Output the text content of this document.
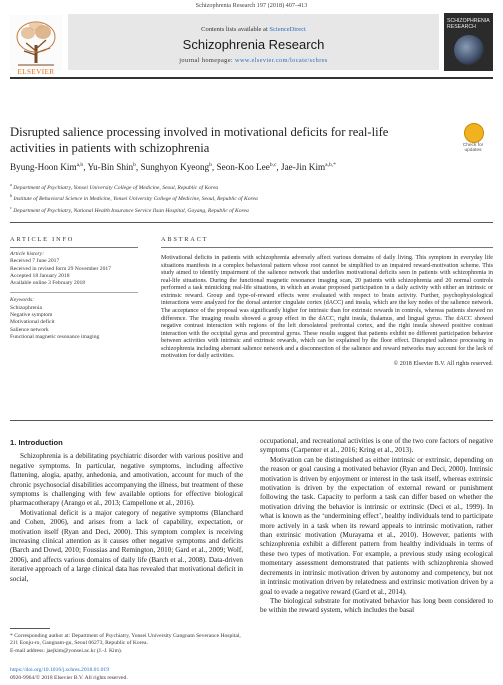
Schizophrenia Research 197 (2018) 407–413
ELSEVIER
Contents lists available at ScienceDirect
Schizophrenia Research
journal homepage: www.elsevier.com/locate/schres
SCHIZOPHRENIA RESEARCH
Disrupted salience processing involved in motivational deficits for real-life activities in patients with schizophrenia	Check for
updates
Byung-Hoon Kim$^{a,b}$, Yu-Bin Shin$^b$, Sunghyon Kyeong$^b$, Seon-Koo Lee$^{b,c}$, Jae-Jin Kim$^{a,b,*}$
$^a$ Department of Psychiatry, Yonsei University College of Medicine, Seoul, Republic of Korea
$^b$ Institute of Behavioral Science in Medicine, Yonsei University College of Medicine, Seoul, Republic of Korea
$^c$ Department of Psychiatry, National Health Insurance Service Ilsan Hospital, Goyang, Republic of Korea
ARTICLE INFO
Article history:
Received 7 June 2017
Received in revised form 29 November 2017
Accepted 18 January 2018
Available online 3 February 2018
Keywords:
Schizophrenia
Negative symptom
Motivational deficit
Salience network
Functional magnetic resonance imaging
ABSTRACT
Motivational deficits in patients with schizophrenia adversely affect various domains of daily living. This symptom in everyday life situations manifests in a complex behavioral pattern whose root cannot be simplified to an impaired reward-motivation scheme. This study aimed to identify impairment of the salience network that underlies motivational deficits seen in patients with schizophrenia in real-life situations. During the functional magnetic resonance imaging scan, 20 patients with schizophrenia and 20 normal controls performed a task mimicking real-life situations, in which an avatar proposed participation in a daily activity with either an intrinsic or extrinsic reward. Group and type-of-reward effects were evaluated with respect to brain activity. Further, psychophysiological interactions were analyzed for the dorsal anterior cingulate cortex (dACC) and insula, which are the key nodes of the salience network. The acceptance of the proposal was significantly higher for intrinsic than for extrinsic rewards in controls, whereas patients showed no difference. The imaging results showed a group effect in the dACC, right insula, thalamus, and lingual gyrus. The dACC showed negative contrast interaction with regions of the left dorsolateral prefrontal cortex, and the right insula showed positive contrast interaction with the occipital gyrus and precentral gyrus. These results suggest that patients exhibit no different participation behavior between activities with intrinsic and extrinsic rewards, which can be explained by the floor effect. Disrupted salience processing in schizophrenia including aberrant salience network and a disconnection of the salience and reward networks may account for the lack of motivation for daily activities.
© 2018 Elsevier B.V. All rights reserved.
1. Introduction

Schizophrenia is a debilitating psychiatric disorder with various positive and negative symptoms. In particular, negative symptoms, including affective flattening, alogia, apathy, anhedonia, and amotivation, account for much of the chronic psychosocial disabilities accompanying the illness, but treatment of these symptoms is challenging with few available options for effective biological pharmacotherapy (Arango et al., 2013; Campellone et al., 2016).

Motivational deficit is a major category of negative symptoms (Blanchard and Cohen, 2006), and arises from a lack of capability, expectation, or motivation itself (Ryan and Deci, 2000). This symptom complex is receiving increasing clinical attention as it causes other negative symptoms and deficits (Barch and Dowd, 2010; Foussias and Remington, 2010; Gard et al., 2009; Wolf, 2006), and affects various domains of daily life (Barch et al., 2008). Data-driven iterative approach of a large clinical data has revealed that motivational deficit in social,

occupational, and recreational activities is one of the two core factors of negative symptoms (Carpenter et al., 2016; Kring et al., 2013).

Motivation can be distinguished as either intrinsic or extrinsic, depending on the reason or goal causing a motivated behavior (Ryan and Deci, 2000). Intrinsic motivation is driven by enjoyment or interest in the task itself, whereas extrinsic motivation is driven by the expectation of external reward or punishment following the task. Capacity to perform a task can differ based on whether the motivation driving the behavior is intrinsic or extrinsic (Deci et al., 1999). In what is known as the ‘undermining effect’, healthy individuals tend to participate more actively in a task when its reward appeals to intrinsic motivation, rather than extrinsic motivation (Murayama et al., 2010). However, patients with schizophrenia exhibit a different pattern from healthy individuals in terms of these two types of motivation. For example, a previous study using ecological momentary assessment demonstrated that patients with schizophrenia showed decrements in intrinsic motivation driven by autonomy and competency, but not in intrinsic motivation driven by relatedness and extrinsic motivation driven by a goal to evade a negative reward (Gard et al., 2014).

The biological substrate for motivated behavior has long been considered to be within the reward system, which includes the basal

* Corresponding author at: Department of Psychiatry, Yonsei University Gangnam Severance Hospital, 211 Eonju-ro, Gangnam-gu, Seoul 06273, Republic of Korea.
E-mail address: jaejkim@yonsei.ac.kr (J.-J. Kim).
https://doi.org/10.1016/j.schres.2018.01.019
0920-9964/© 2018 Elsevier B.V. All rights reserved.
